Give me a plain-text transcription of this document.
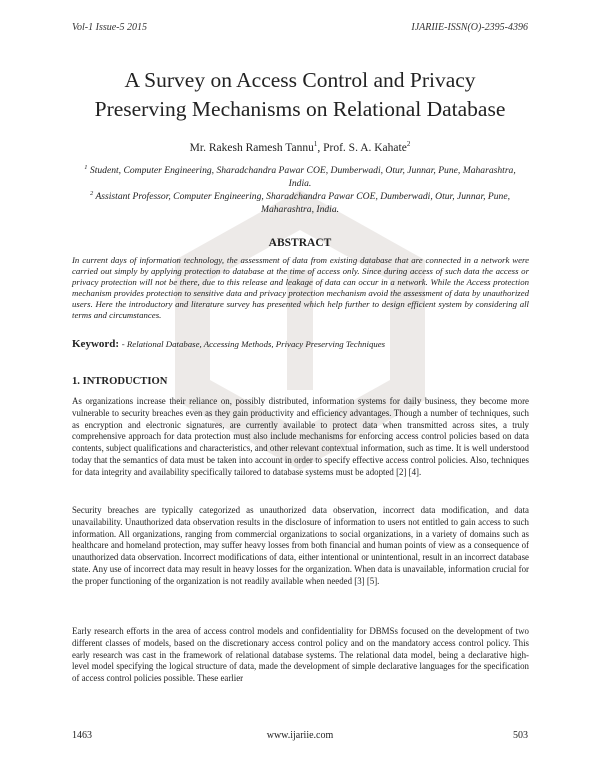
Vol-1 Issue-5 2015	IJARIIE-ISSN(O)-2395-4396
A Survey on Access Control and Privacy
Preserving Mechanisms on Relational Database
Mr. Rakesh Ramesh Tannu$^1$, Prof. S. A. Kahate$^2$
$^1$ Student, Computer Engineering, Sharadchandra Pawar COE, Dumberwadi, Otur, Junnar, Pune, Maharashtra, India.
$^2$ Assistant Professor, Computer Engineering, Sharadchandra Pawar COE, Dumberwadi, Otur, Junnar, Pune, Maharashtra, India.
ABSTRACT
In current days of information technology, the assessment of data from existing database that are connected in a network were carried out simply by applying protection to database at the time of access only. Since during access of such data the access or privacy protection will not be there, due to this release and leakage of data can occur in a network. While the Access protection mechanism provides protection to sensitive data and privacy protection mechanism avoid the assessment of data by unauthorized users. Here the introductory and literature survey has presented which help further to design efficient system by considering all terms and circumstances.
Keyword: - Relational Database, Accessing Methods, Privacy Preserving Techniques
1. INTRODUCTION
As organizations increase their reliance on, possibly distributed, information systems for daily business, they become more vulnerable to security breaches even as they gain productivity and efficiency advantages. Though a number of techniques, such as encryption and electronic signatures, are currently available to protect data when transmitted across sites, a truly comprehensive approach for data protection must also include mechanisms for enforcing access control policies based on data contents, subject qualifications and characteristics, and other relevant contextual information, such as time. It is well understood today that the semantics of data must be taken into account in order to specify effective access control policies. Also, techniques for data integrity and availability specifically tailored to database systems must be adopted [2] [4].
Security breaches are typically categorized as unauthorized data observation, incorrect data modification, and data unavailability. Unauthorized data observation results in the disclosure of information to users not entitled to gain access to such information. All organizations, ranging from commercial organizations to social organizations, in a variety of domains such as healthcare and homeland protection, may suffer heavy losses from both financial and human points of view as a consequence of unauthorized data observation. Incorrect modifications of data, either intentional or unintentional, result in an incorrect database state. Any use of incorrect data may result in heavy losses for the organization. When data is unavailable, information crucial for the proper functioning of the organization is not readily available when needed [3] [5].
Early research efforts in the area of access control models and confidentiality for DBMSs focused on the development of two different classes of models, based on the discretionary access control policy and on the mandatory access control policy. This early research was cast in the framework of relational database systems. The relational data model, being a declarative high-level model specifying the logical structure of data, made the development of simple declarative languages for the specification of access control policies possible. These earlier
1463	www.ijariie.com	503
